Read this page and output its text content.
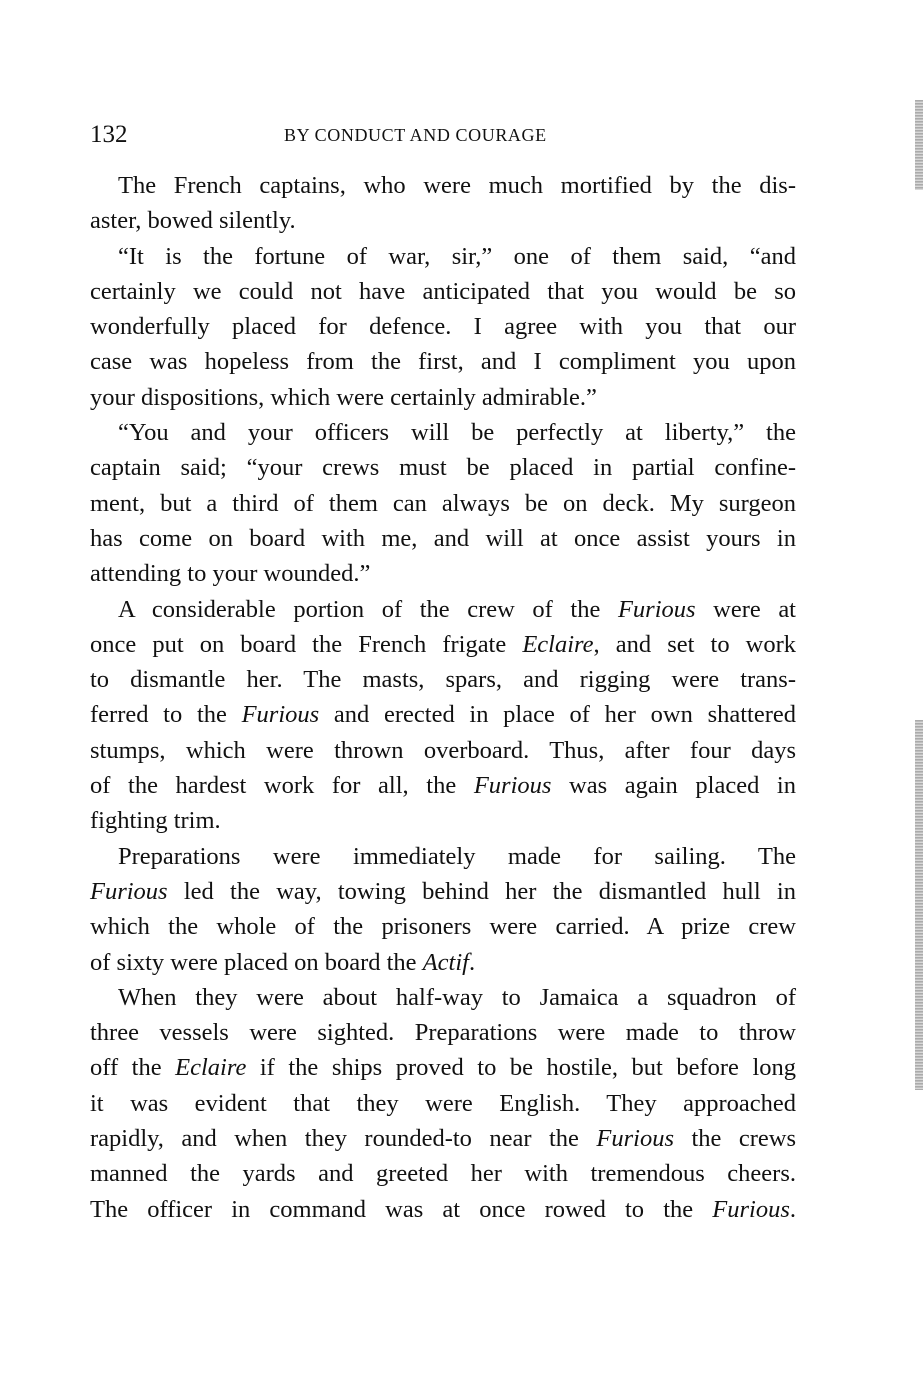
132	BY CONDUCT AND COURAGE
The French captains, who were much mortified by the dis-
aster, bowed silently.
“It is the fortune of war, sir,” one of them said, “and
certainly we could not have anticipated that you would be so
wonderfully placed for defence. I agree with you that our
case was hopeless from the first, and I compliment you upon
your dispositions, which were certainly admirable.”
“You and your officers will be perfectly at liberty,” the
captain said; “your crews must be placed in partial confine-
ment, but a third of them can always be on deck. My surgeon
has come on board with me, and will at once assist yours in
attending to your wounded.”
A considerable portion of the crew of the Furious were at
once put on board the French frigate Eclaire, and set to work
to dismantle her. The masts, spars, and rigging were trans-
ferred to the Furious and erected in place of her own shattered
stumps, which were thrown overboard. Thus, after four days
of the hardest work for all, the Furious was again placed in
fighting trim.
Preparations were immediately made for sailing. The
Furious led the way, towing behind her the dismantled hull in
which the whole of the prisoners were carried. A prize crew
of sixty were placed on board the Actif.
When they were about half-way to Jamaica a squadron of
three vessels were sighted. Preparations were made to throw
off the Eclaire if the ships proved to be hostile, but before long
it was evident that they were English. They approached
rapidly, and when they rounded-to near the Furious the crews
manned the yards and greeted her with tremendous cheers.
The officer in command was at once rowed to the Furious.
